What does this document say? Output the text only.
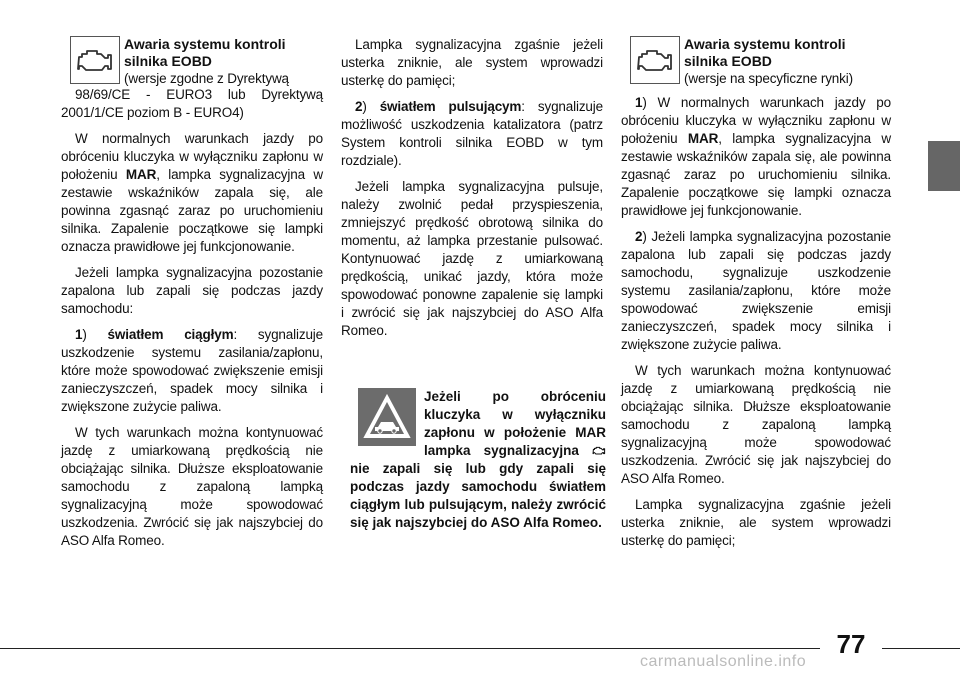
Awaria systemu kontroli silnika EOBD
(wersje zgodne z Dyrektywą

98/69/CE - EURO3 lub Dyrektywą 2001/1/CE poziom B - EURO4)

W normalnych warunkach jazdy po obróceniu kluczyka w wyłączniku zapłonu w położeniu MAR, lampka sygnalizacyjna w zestawie wskaźników zapala się, ale powinna zgasnąć zaraz po uruchomieniu silnika. Zapalenie początkowe się lampki oznacza prawidłowe jej funkcjonowanie.

Jeżeli lampka sygnalizacyjna pozostanie zapalona lub zapali się podczas jazdy samochodu:

1) światłem ciągłym: sygnalizuje uszkodzenie systemu zasilania/zapłonu, które może spowodować zwiększenie emisji zanieczyszczeń, spadek mocy silnika i zwiększone zużycie paliwa.

W tych warunkach można kontynuować jazdę z umiarkowaną prędkością nie obciążając silnika. Dłuższe eksploatowanie samochodu z zapaloną lampką sygnalizacyjną może spowodować uszkodzenia. Zwrócić się jak najszybciej do ASO Alfa Romeo.

Lampka sygnalizacyjna zgaśnie jeżeli usterka zniknie, ale system wprowadzi usterkę do pamięci;

2) światłem pulsującym: sygnalizuje możliwość uszkodzenia katalizatora (patrz System kontroli silnika EOBD w tym rozdziale).

Jeżeli lampka sygnalizacyjna pulsuje, należy zwolnić pedał przyspieszenia, zmniejszyć prędkość obrotową silnika do momentu, aż lampka przestanie pulsować. Kontynuować jazdę z umiarkowaną prędkością, unikać jazdy, która może spowodować ponowne zapalenie się lampki i zwrócić się jak najszybciej do ASO Alfa Romeo.

Jeżeli po obróceniu kluczyka w wyłączniku zapłonu w położenie MAR lampka sygnalizacyjna  nie zapali się lub gdy zapali się podczas jazdy samochodu światłem ciągłym lub pulsującym, należy zwrócić się jak najszybciej do ASO Alfa Romeo.
Awaria systemu kontroli silnika EOBD
(wersje na specyficzne rynki)

1) W normalnych warunkach jazdy po obróceniu kluczyka w wyłączniku zapłonu w położeniu MAR, lampka sygnalizacyjna w zestawie wskaźników zapala się, ale powinna zgasnąć zaraz po uruchomieniu silnika. Zapalenie początkowe się lampki oznacza prawidłowe jej funkcjonowanie.

2) Jeżeli lampka sygnalizacyjna pozostanie zapalona lub zapali się podczas jazdy samochodu, sygnalizuje uszkodzenie systemu zasilania/zapłonu, które może spowodować zwiększenie emisji zanieczyszczeń, spadek mocy silnika i zwiększone zużycie paliwa.

W tych warunkach można kontynuować jazdę z umiarkowaną prędkością nie obciążając silnika. Dłuższe eksploatowanie samochodu z zapaloną lampką sygnalizacyjną może spowodować uszkodzenia. Zwrócić się jak najszybciej do ASO Alfa Romeo.

Lampka sygnalizacyjna zgaśnie jeżeli usterka zniknie, ale system wprowadzi usterkę do pamięci;

77
carmanualsonline.info
